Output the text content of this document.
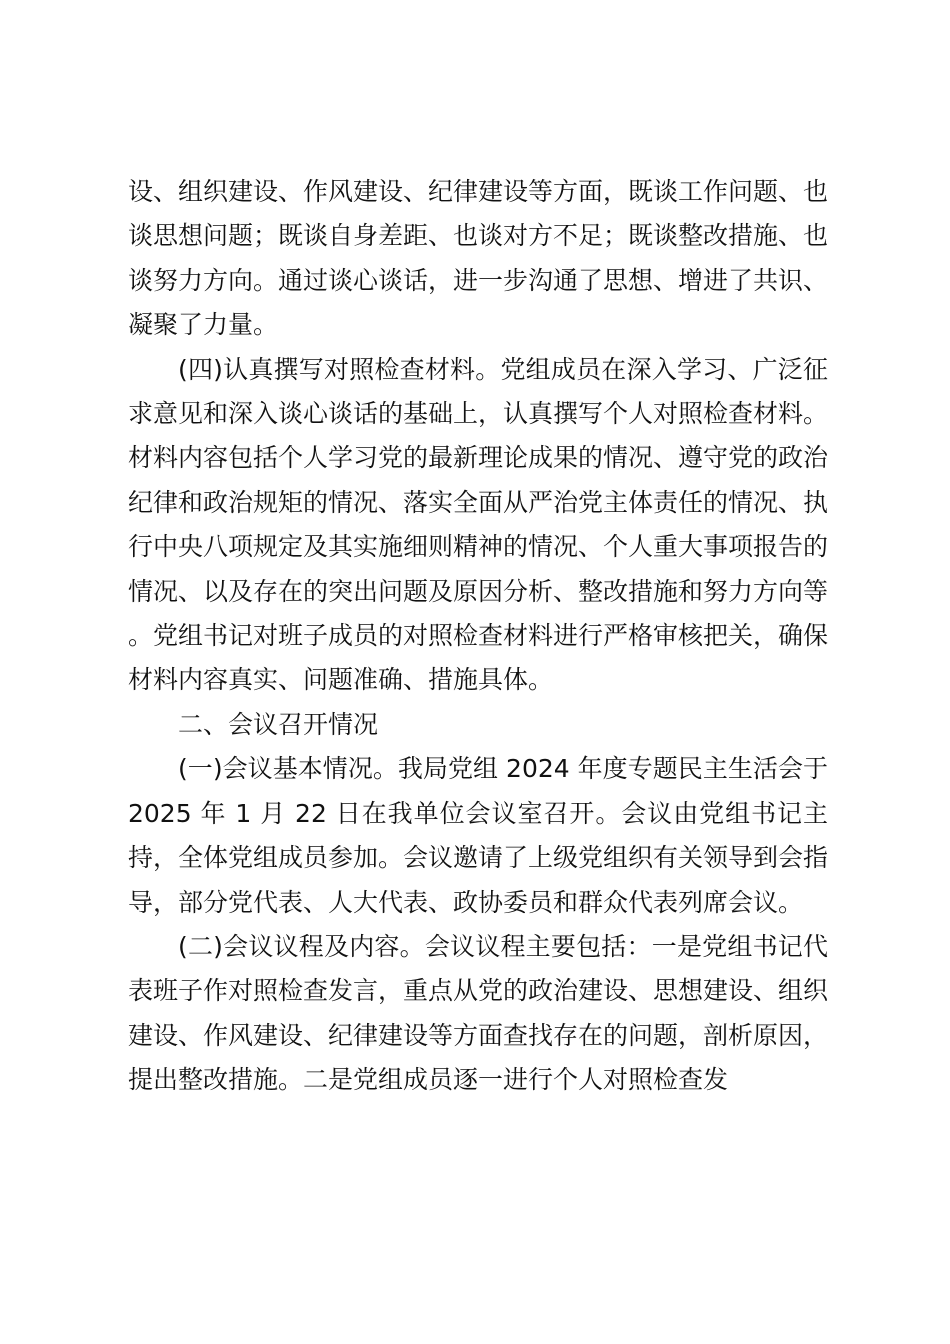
设、组织建设、作风建设、纪律建设等方面，既谈工作问题、也谈思想问题；既谈自身差距、也谈对方不足；既谈整改措施、也谈努力方向。通过谈心谈话，进一步沟通了思想、增进了共识、凝聚了力量。

(四)认真撰写对照检查材料。党组成员在深入学习、广泛征求意见和深入谈心谈话的基础上，认真撰写个人对照检查材料。材料内容包括个人学习党的最新理论成果的情况、遵守党的政治纪律和政治规矩的情况、落实全面从严治党主体责任的情况、执行中央八项规定及其实施细则精神的情况、个人重大事项报告的情况、以及存在的突出问题及原因分析、整改措施和努力方向等。党组书记对班子成员的对照检查材料进行严格审核把关，确保材料内容真实、问题准确、措施具体。

二、会议召开情况

(一)会议基本情况。我局党组 2024 年度专题民主生活会于 2025 年 1 月 22 日在我单位会议室召开。会议由党组书记主持，全体党组成员参加。会议邀请了上级党组织有关领导到会指导，部分党代表、人大代表、政协委员和群众代表列席会议。

(二)会议议程及内容。会议议程主要包括：一是党组书记代表班子作对照检查发言，重点从党的政治建设、思想建设、组织建设、作风建设、纪律建设等方面查找存在的问题，剖析原因，提出整改措施。二是党组成员逐一进行个人对照检查发
